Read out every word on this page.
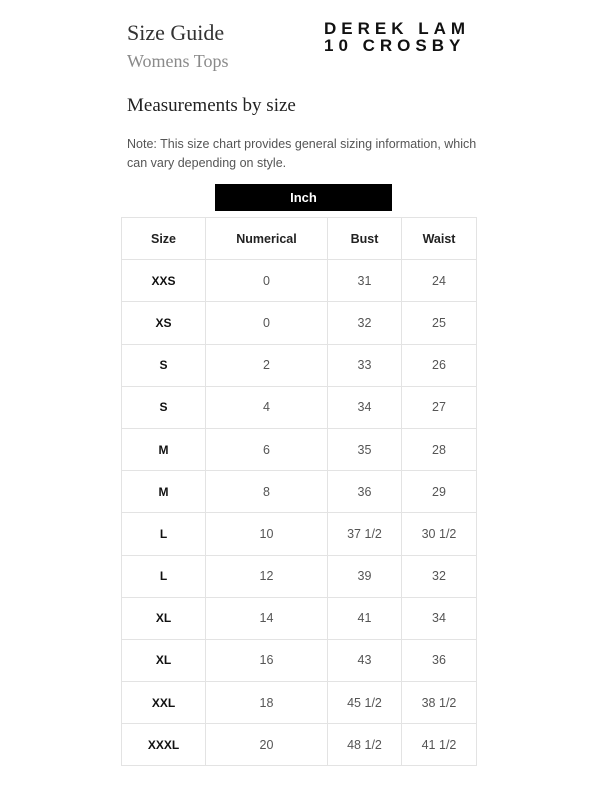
Size Guide
Womens Tops
DEREK LAM
10 CROSBY
Measurements by size
Note: This size chart provides general sizing information, which can vary depending on style.
Inch
Size	Numerical	Bust	Waist
XXS	0	31	24
XS	0	32	25
S	2	33	26
S	4	34	27
M	6	35	28
M	8	36	29
L	10	37 1/2	30 1/2
L	12	39	32
XL	14	41	34
XL	16	43	36
XXL	18	45 1/2	38 1/2
XXXL	20	48 1/2	41 1/2
